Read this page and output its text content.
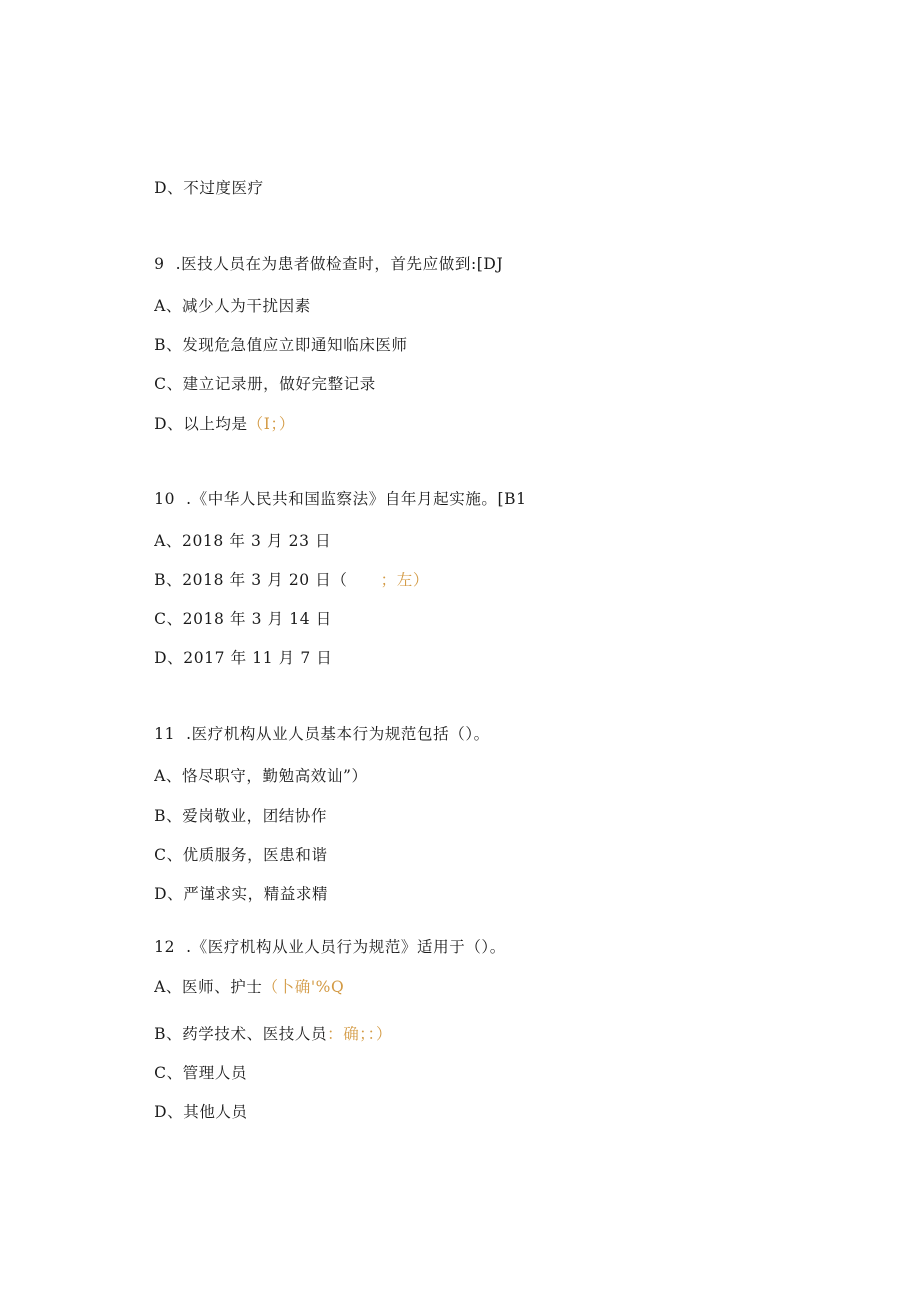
D、不过度医疗

9  .医技人员在为患者做检查时，首先应做到:[DJ

A、减少人为干扰因素

B、发现危急值应立即通知临床医师

C、建立记录册，做好完整记录

D、以上均是（I；）

10  .《中华人民共和国监察法》自年月起实施。[B1

A、2018 年 3 月 23 日

B、2018 年 3 月 20 日（      ；左）

C、2018 年 3 月 14 日

D、2017 年 11 月 7 日

11  .医疗机构从业人员基本行为规范包括（）。

A、恪尽职守，勤勉高效讪”）

B、爱岗敬业，团结协作

C、优质服务，医患和谐

D、严谨求实，精益求精

12  .《医疗机构从业人员行为规范》适用于（）。

A、医师、护士（卜确'%Q

B、药学技术、医技人员：确；：）

C、管理人员

D、其他人员
